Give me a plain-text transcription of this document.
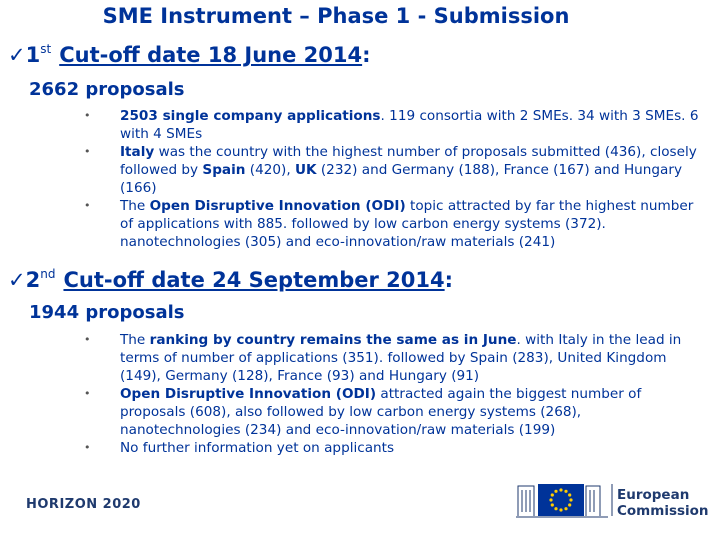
SME Instrument – Phase 1 - Submission
✓1st Cut-off date 18 June 2014:
2662 proposals
• 2503 single company applications. 119 consortia with 2 SMEs. 34 with 3 SMEs. 6 with 4 SMEs
• Italy was the country with the highest number of proposals submitted (436), closely followed by Spain (420), UK (232) and Germany (188), France (167) and Hungary (166)
• The Open Disruptive Innovation (ODI) topic attracted by far the highest number of applications with 885. followed by low carbon energy systems (372). nanotechnologies (305) and eco-innovation/raw materials (241)
✓2nd Cut-off date 24 September 2014:
1944 proposals
• The ranking by country remains the same as in June. with Italy in the lead in terms of number of applications (351). followed by Spain (283), United Kingdom (149), Germany (128), France (93) and Hungary (91)
• Open Disruptive Innovation (ODI) attracted again the biggest number of proposals (608), also followed by low carbon energy systems (268), nanotechnologies (234) and eco-innovation/raw materials (199)
• No further information yet on applicants
HORIZON 2020
European
Commission
